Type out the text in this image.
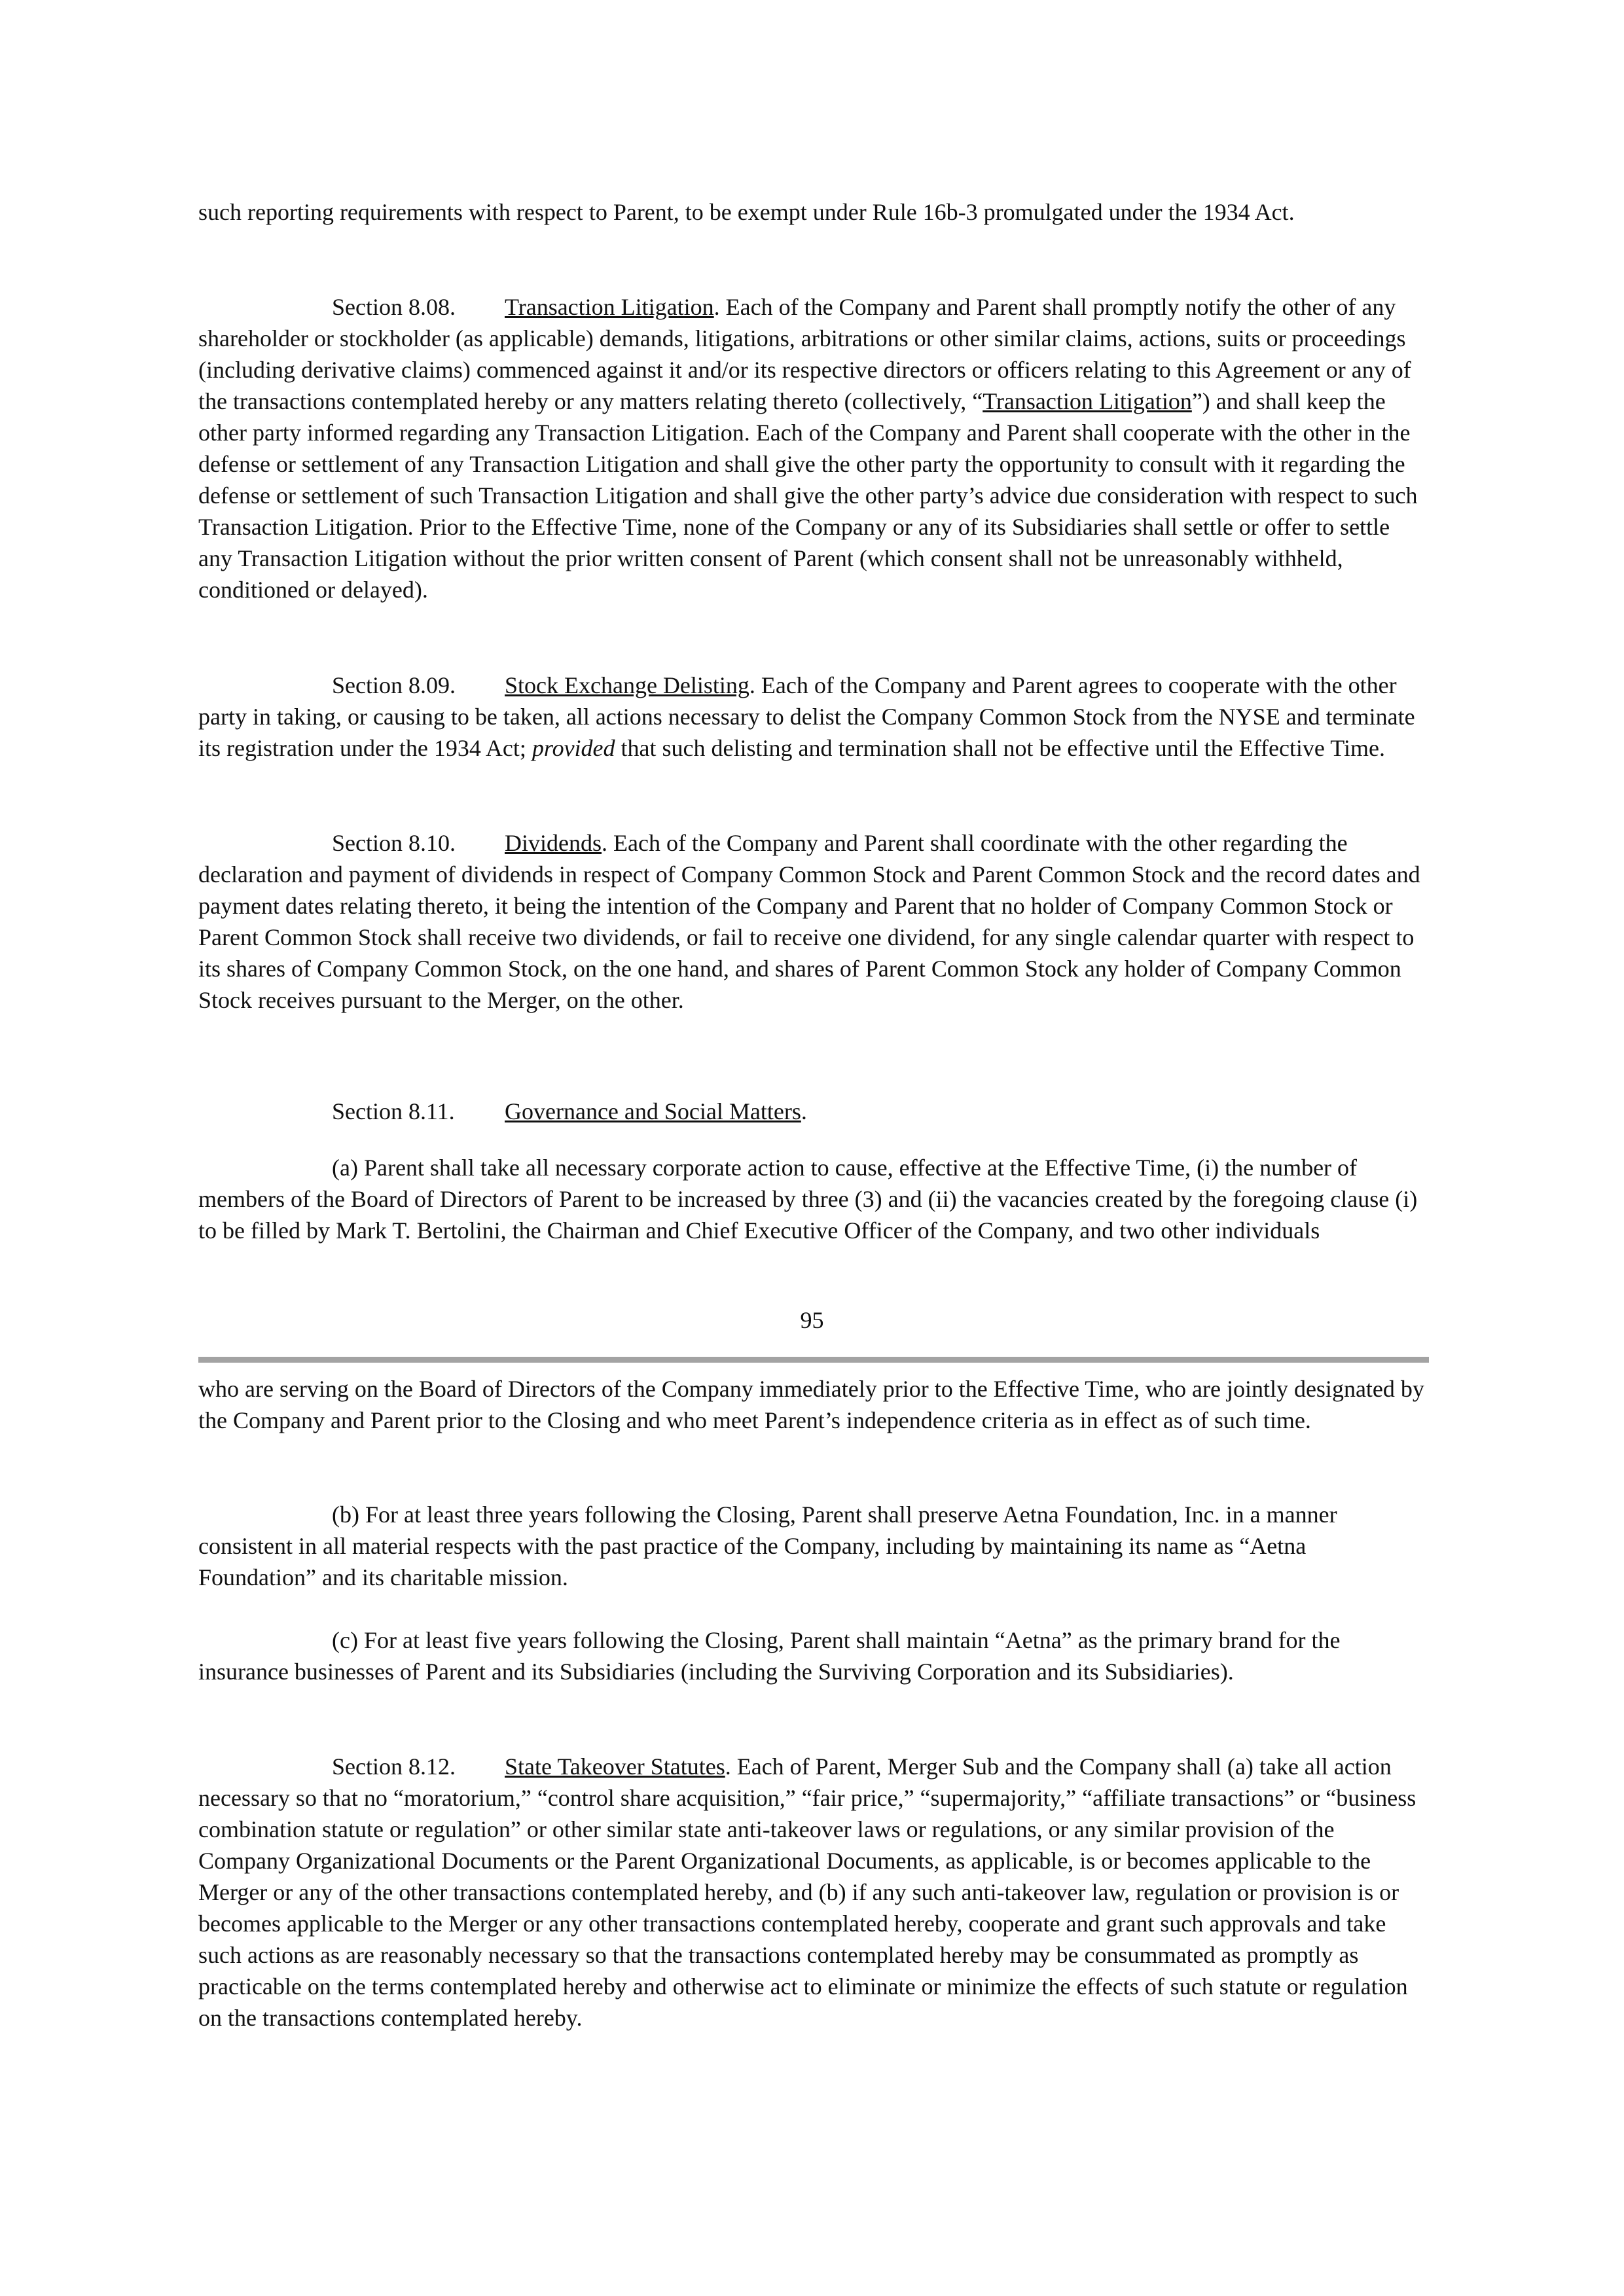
such reporting requirements with respect to Parent, to be exempt under Rule 16b-3 promulgated under the 1934 Act.

Section 8.08. Transaction Litigation. Each of the Company and Parent shall promptly notify the other of any shareholder or stockholder (as applicable) demands, litigations, arbitrations or other similar claims, actions, suits or proceedings (including derivative claims) commenced against it and/or its respective directors or officers relating to this Agreement or any of the transactions contemplated hereby or any matters relating thereto (collectively, “Transaction Litigation”) and shall keep the other party informed regarding any Transaction Litigation. Each of the Company and Parent shall cooperate with the other in the defense or settlement of any Transaction Litigation and shall give the other party the opportunity to consult with it regarding the defense or settlement of such Transaction Litigation and shall give the other party’s advice due consideration with respect to such Transaction Litigation. Prior to the Effective Time, none of the Company or any of its Subsidiaries shall settle or offer to settle any Transaction Litigation without the prior written consent of Parent (which consent shall not be unreasonably withheld, conditioned or delayed).

Section 8.09. Stock Exchange Delisting. Each of the Company and Parent agrees to cooperate with the other party in taking, or causing to be taken, all actions necessary to delist the Company Common Stock from the NYSE and terminate its registration under the 1934 Act; provided that such delisting and termination shall not be effective until the Effective Time.

Section 8.10. Dividends. Each of the Company and Parent shall coordinate with the other regarding the declaration and payment of dividends in respect of Company Common Stock and Parent Common Stock and the record dates and payment dates relating thereto, it being the intention of the Company and Parent that no holder of Company Common Stock or Parent Common Stock shall receive two dividends, or fail to receive one dividend, for any single calendar quarter with respect to its shares of Company Common Stock, on the one hand, and shares of Parent Common Stock any holder of Company Common Stock receives pursuant to the Merger, on the other.

Section 8.11. Governance and Social Matters.

(a) Parent shall take all necessary corporate action to cause, effective at the Effective Time, (i) the number of members of the Board of Directors of Parent to be increased by three (3) and (ii) the vacancies created by the foregoing clause (i) to be filled by Mark T. Bertolini, the Chairman and Chief Executive Officer of the Company, and two other individuals

95

who are serving on the Board of Directors of the Company immediately prior to the Effective Time, who are jointly designated by the Company and Parent prior to the Closing and who meet Parent’s independence criteria as in effect as of such time.

(b) For at least three years following the Closing, Parent shall preserve Aetna Foundation, Inc. in a manner consistent in all material respects with the past practice of the Company, including by maintaining its name as “Aetna Foundation” and its charitable mission.

(c) For at least five years following the Closing, Parent shall maintain “Aetna” as the primary brand for the insurance businesses of Parent and its Subsidiaries (including the Surviving Corporation and its Subsidiaries).

Section 8.12. State Takeover Statutes. Each of Parent, Merger Sub and the Company shall (a) take all action necessary so that no “moratorium,” “control share acquisition,” “fair price,” “supermajority,” “affiliate transactions” or “business combination statute or regulation” or other similar state anti-takeover laws or regulations, or any similar provision of the Company Organizational Documents or the Parent Organizational Documents, as applicable, is or becomes applicable to the Merger or any of the other transactions contemplated hereby, and (b) if any such anti-takeover law, regulation or provision is or becomes applicable to the Merger or any other transactions contemplated hereby, cooperate and grant such approvals and take such actions as are reasonably necessary so that the transactions contemplated hereby may be consummated as promptly as practicable on the terms contemplated hereby and otherwise act to eliminate or minimize the effects of such statute or regulation on the transactions contemplated hereby.
